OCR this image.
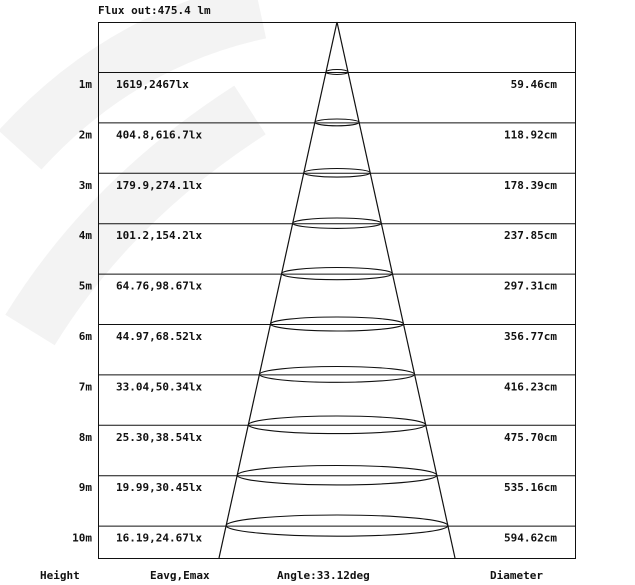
Flux out:475.4 lm
1m 1619,2467lx	59.46cm
2m 404.8,616.7lx	118.92cm
3m 179.9,274.1lx	178.39cm
4m 101.2,154.2lx	237.85cm
5m 64.76,98.67lx	297.31cm
6m 44.97,68.52lx	356.77cm
7m 33.04,50.34lx	416.23cm
8m 25.30,38.54lx	475.70cm
9m 19.99,30.45lx	535.16cm
10m 16.19,24.67lx	594.62cm
Height	Eavg,Emax	Angle:33.12deg	Diameter
